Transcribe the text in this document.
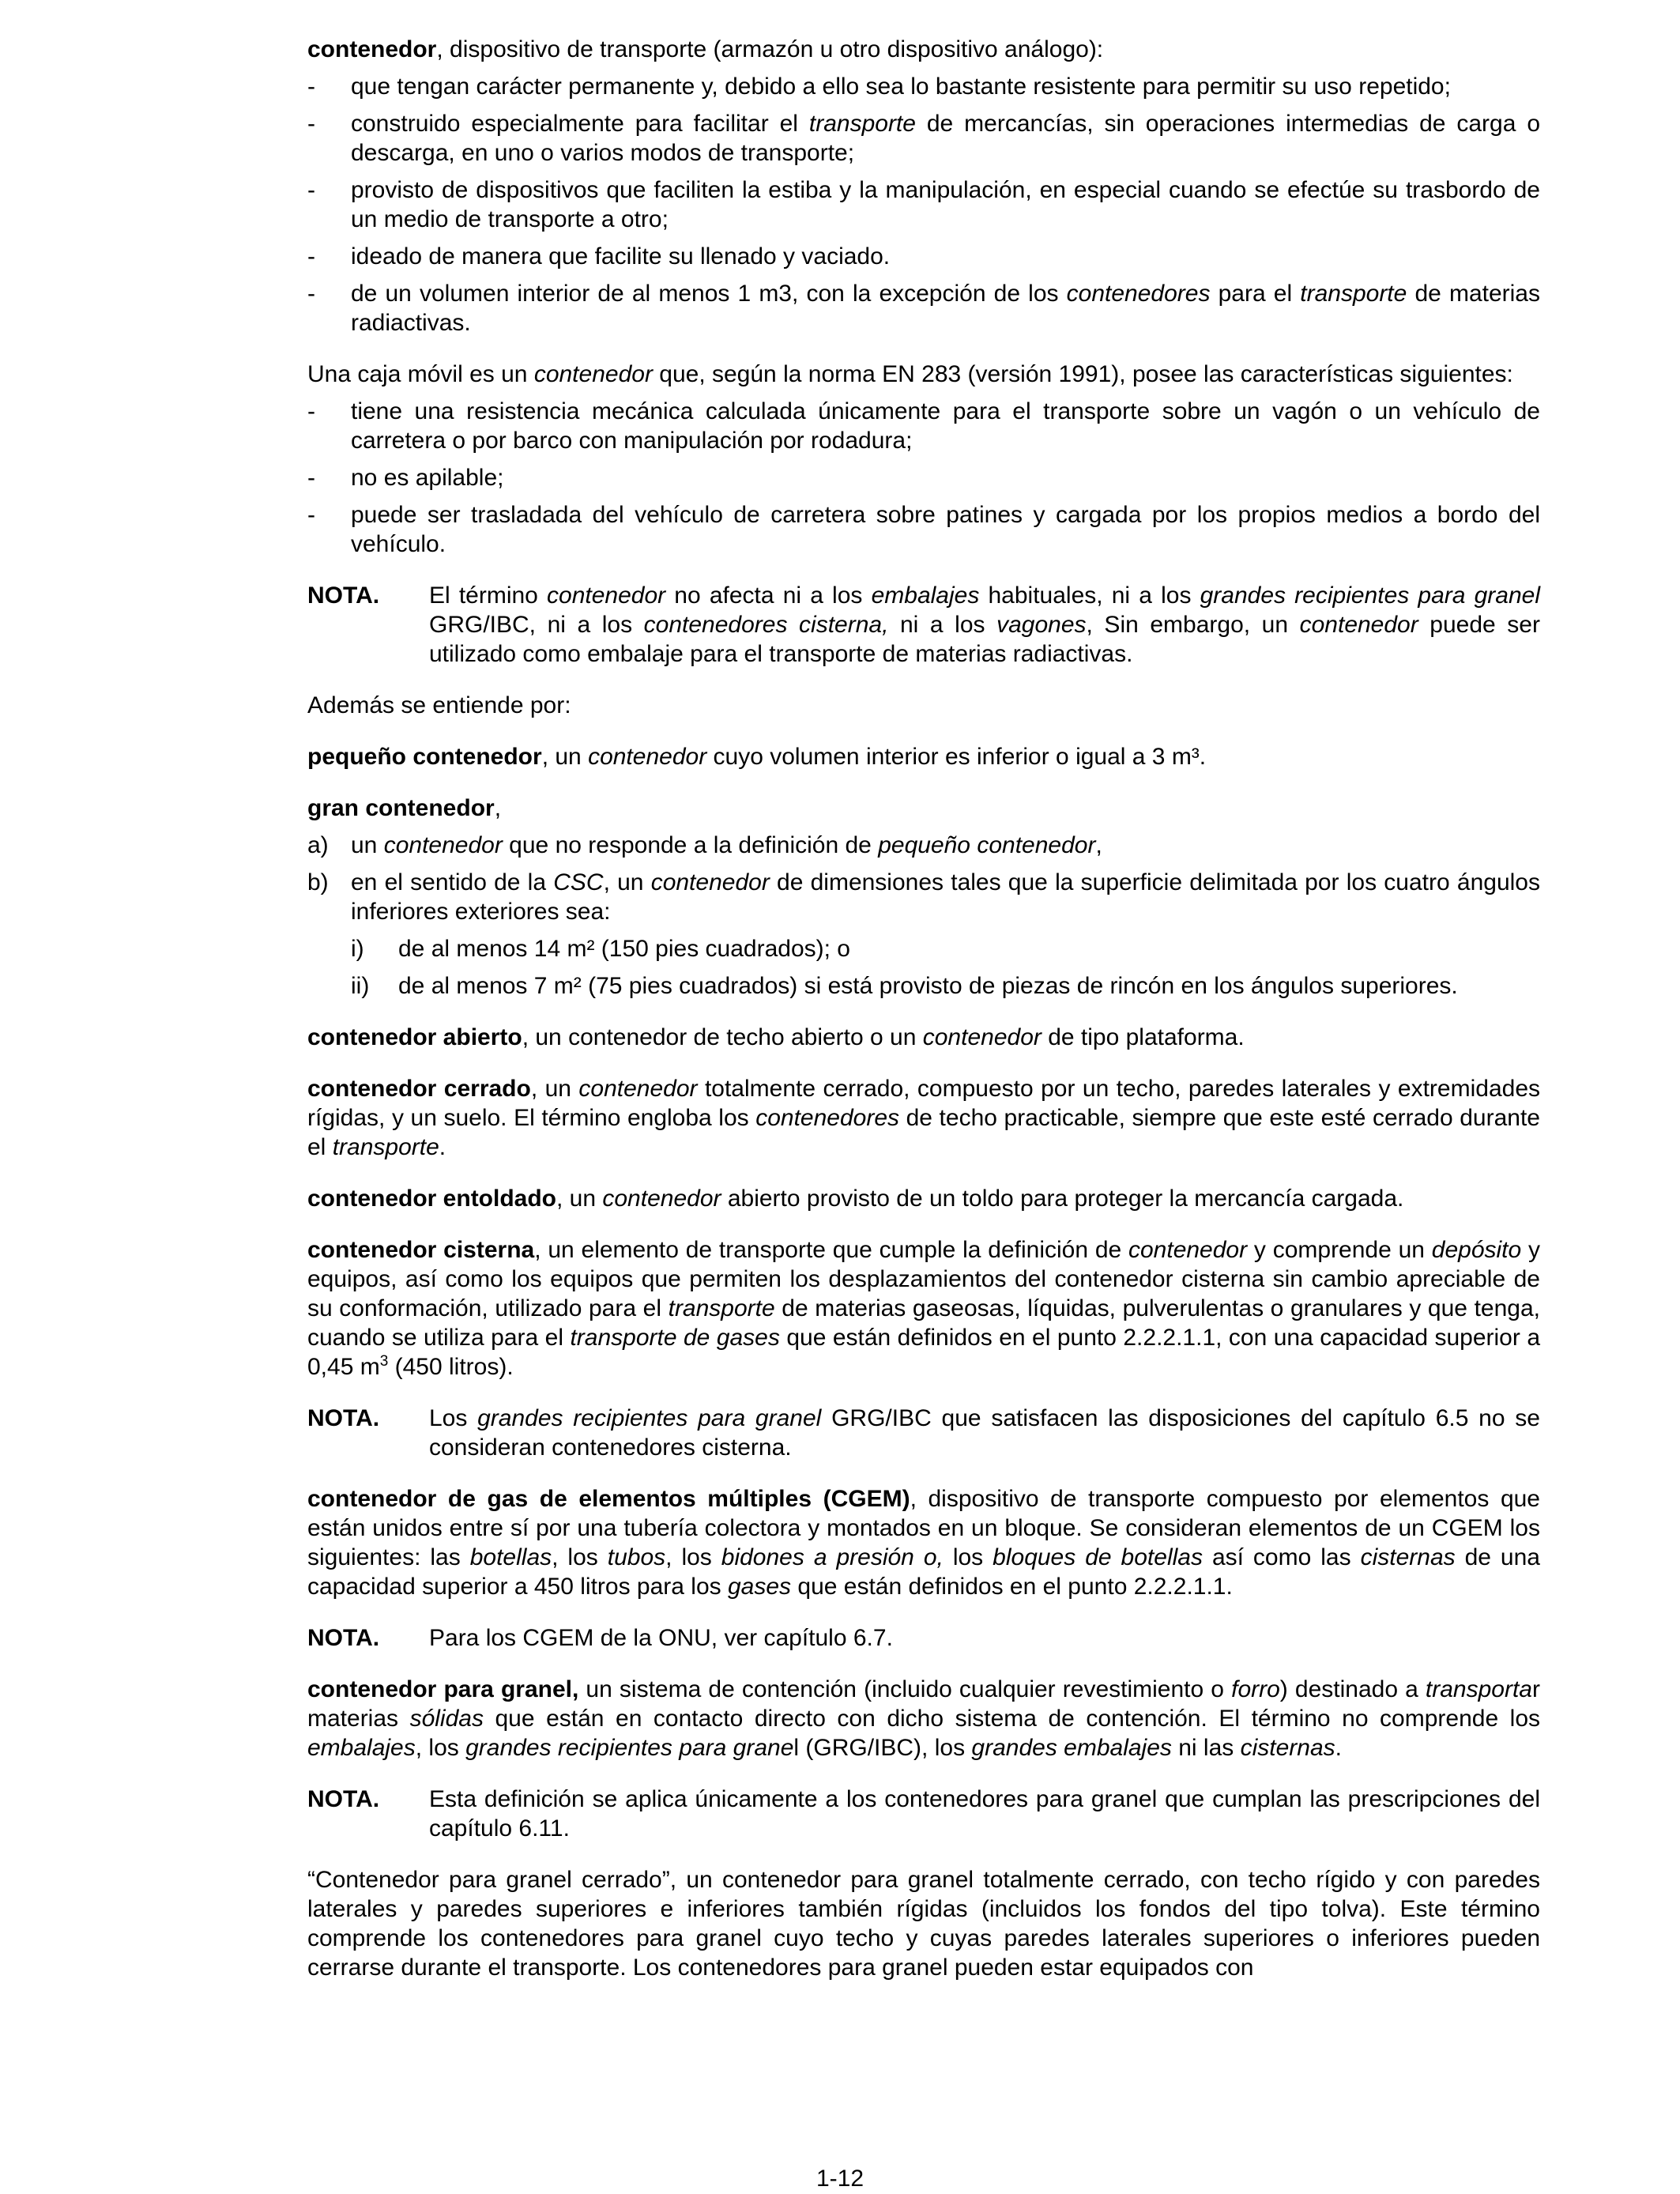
contenedor, dispositivo de transporte (armazón u otro dispositivo análogo):

-	que tengan carácter permanente y, debido a ello sea lo bastante resistente para permitir su uso repetido;
-	construido especialmente para facilitar el transporte de mercancías, sin operaciones intermedias de carga o descarga, en uno o varios modos de transporte;
-	provisto de dispositivos que faciliten la estiba y la manipulación, en especial cuando se efectúe su trasbordo de un medio de transporte a otro;
-	ideado de manera que facilite su llenado y vaciado.
-	de un volumen interior de al menos 1 m3, con la excepción de los contenedores para el transporte de materias radiactivas.

Una caja móvil es un contenedor que, según la norma EN 283 (versión 1991), posee las características siguientes:

-	tiene una resistencia mecánica calculada únicamente para el transporte sobre un vagón o un vehículo de carretera o por barco con manipulación por rodadura;
-	no es apilable;
-	puede ser trasladada del vehículo de carretera sobre patines y cargada por los propios medios a bordo del vehículo.
NOTA.	El término contenedor no afecta ni a los embalajes habituales, ni a los grandes recipientes para granel GRG/IBC, ni a los contenedores cisterna, ni a los vagones, Sin embargo, un contenedor puede ser utilizado como embalaje para el transporte de materias radiactivas.

Además se entiende por:

pequeño contenedor, un contenedor cuyo volumen interior es inferior o igual a 3 m³.

gran contenedor,

a) un contenedor que no responde a la definición de pequeño contenedor,
b) en el sentido de la CSC, un contenedor de dimensiones tales que la superficie delimitada por los cuatro ángulos inferiores exteriores sea:
i)	de al menos 14 m² (150 pies cuadrados); o
ii)	de al menos 7 m² (75 pies cuadrados) si está provisto de piezas de rincón en los ángulos superiores.

contenedor abierto, un contenedor de techo abierto o un contenedor de tipo plataforma.

contenedor cerrado, un contenedor totalmente cerrado, compuesto por un techo, paredes laterales y extremidades rígidas, y un suelo. El término engloba los contenedores de techo practicable, siempre que este esté cerrado durante el transporte.

contenedor entoldado, un contenedor abierto provisto de un toldo para proteger la mercancía cargada.

contenedor cisterna, un elemento de transporte que cumple la definición de contenedor y comprende un depósito y equipos, así como los equipos que permiten los desplazamientos del contenedor cisterna sin cambio apreciable de su conformación, utilizado para el transporte de materias gaseosas, líquidas, pulverulentas o granulares y que tenga, cuando se utiliza para el transporte de gases que están definidos en el punto 2.2.2.1.1, con una capacidad superior a 0,45 $m^3$ (450 litros).

NOTA.	Los grandes recipientes para granel GRG/IBC que satisfacen las disposiciones del capítulo 6.5 no se consideran contenedores cisterna.

contenedor de gas de elementos múltiples (CGEM), dispositivo de transporte compuesto por elementos que están unidos entre sí por una tubería colectora y montados en un bloque. Se consideran elementos de un CGEM los siguientes: las botellas, los tubos, los bidones a presión o, los bloques de botellas así como las cisternas de una capacidad superior a 450 litros para los gases que están definidos en el punto 2.2.2.1.1.

NOTA.	Para los CGEM de la ONU, ver capítulo 6.7.

contenedor para granel, un sistema de contención (incluido cualquier revestimiento o forro) destinado a transportar materias sólidas que están en contacto directo con dicho sistema de contención. El término no comprende los embalajes, los grandes recipientes para granel (GRG/IBC), los grandes embalajes ni las cisternas.

NOTA.	Esta definición se aplica únicamente a los contenedores para granel que cumplan las prescripciones del capítulo 6.11.

“Contenedor para granel cerrado”, un contenedor para granel totalmente cerrado, con techo rígido y con paredes laterales y paredes superiores e inferiores también rígidas (incluidos los fondos del tipo tolva). Este término comprende los contenedores para granel cuyo techo y cuyas paredes laterales superiores o inferiores pueden cerrarse durante el transporte. Los contenedores para granel pueden estar equipados con

1-12
